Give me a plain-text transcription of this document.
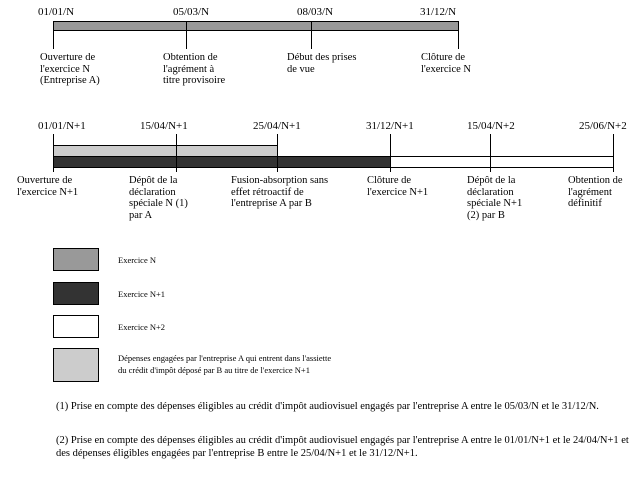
01/01/N	05/03/N	08/03/N	31/12/N
Ouverture de
l'exercice N
(Entreprise A)
Obtention de
l'agrément à
titre provisoire
Début des prises
de vue
Clôture de
l'exercice N
01/01/N+1	15/04/N+1	25/04/N+1	31/12/N+1	15/04/N+2	25/06/N+2
Ouverture de
l'exercice N+1
Dépôt de la
déclaration
spéciale N (1)
par A
Fusion-absorption sans
effet rétroactif de
l'entreprise A par B
Clôture de
l'exercice N+1
Dépôt de la
déclaration
spéciale N+1
(2) par B
Obtention de
l'agrément
définitif
Exercice N
Exercice N+1
Exercice N+2
Dépenses engagées par l'entreprise A qui entrent dans l'assiette
du crédit d'impôt déposé par B au titre de l'exercice N+1
(1) Prise en compte des dépenses éligibles au crédit d'impôt audiovisuel engagés par l'entreprise A entre le 05/03/N et le 31/12/N.
(2) Prise en compte des dépenses éligibles au crédit d'impôt audiovisuel engagés par l'entreprise A entre le 01/01/N+1 et le 24/04/N+1 et des dépenses éligibles engagées par l'entreprise B entre le 25/04/N+1 et le 31/12/N+1.
